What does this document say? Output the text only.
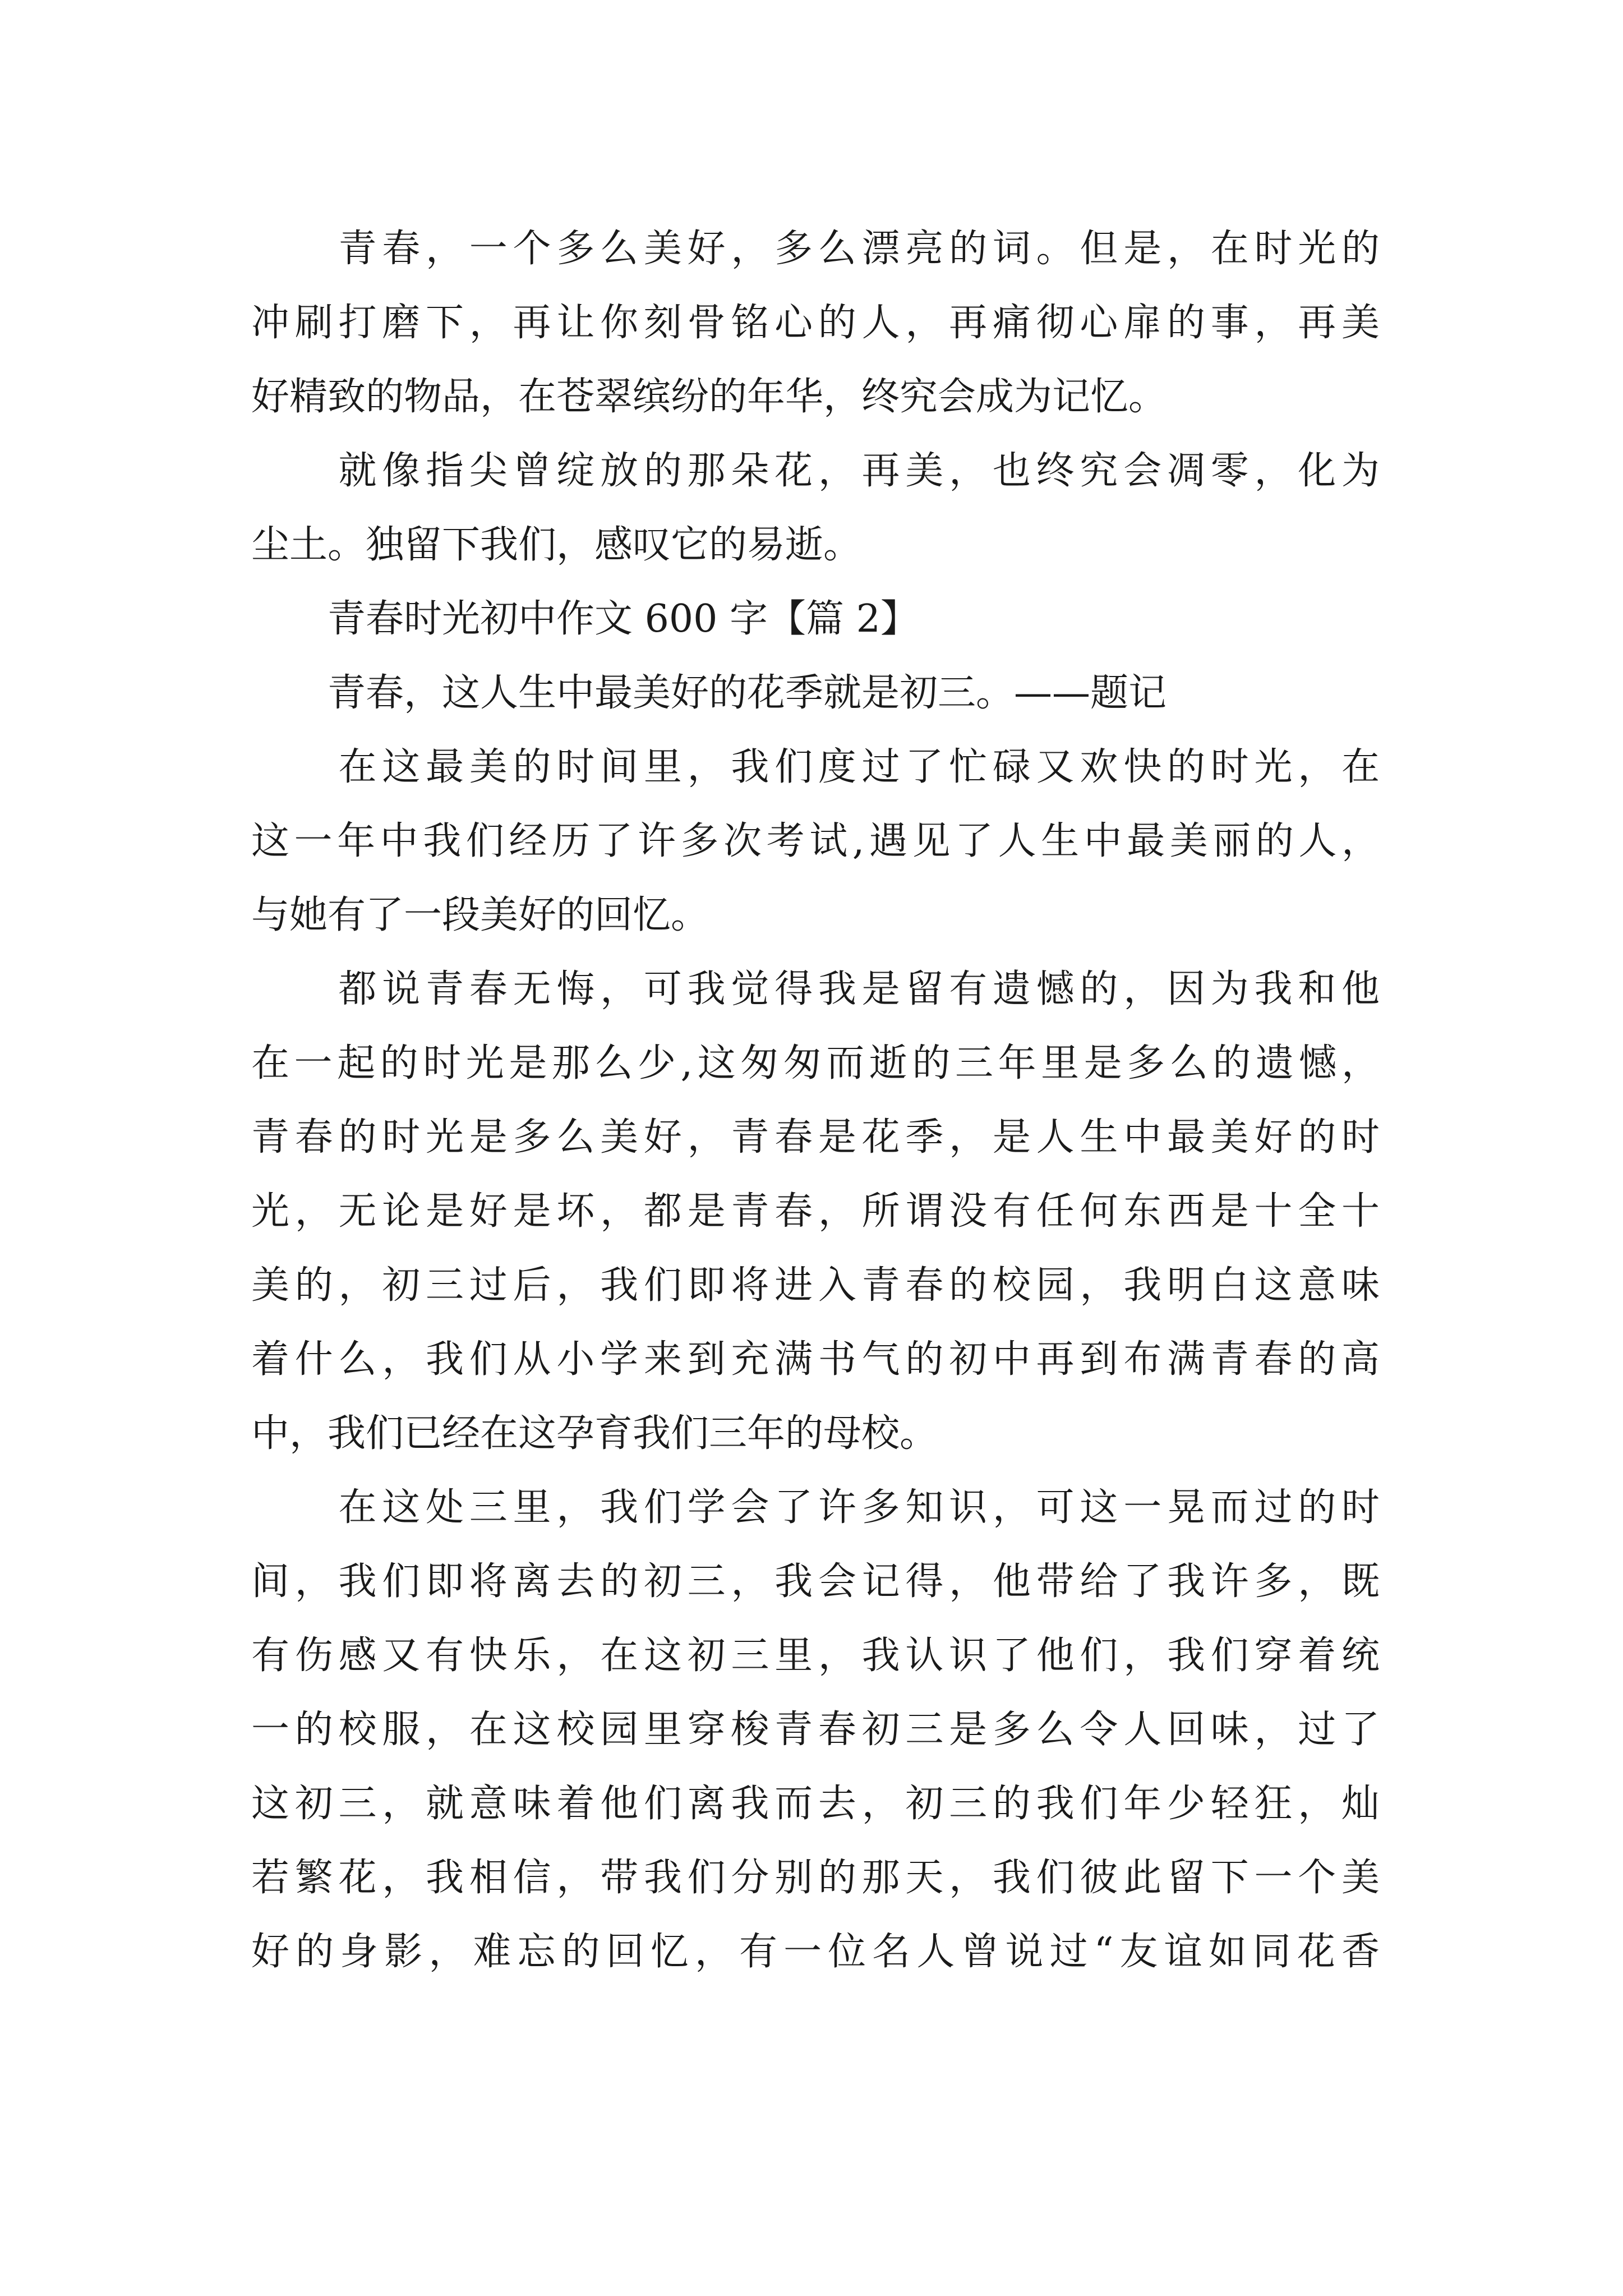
　　青春，一个多么美好，多么漂亮的词。但是，在时光的
冲刷打磨下，再让你刻骨铭心的人，再痛彻心扉的事，再美
好精致的物品，在苍翠缤纷的年华，终究会成为记忆。
　　就像指尖曾绽放的那朵花，再美，也终究会凋零，化为
尘土。独留下我们，感叹它的易逝。
　　青春时光初中作文 600 字【篇 2】
　　青春，这人生中最美好的花季就是初三。——题记
　　在这最美的时间里，我们度过了忙碌又欢快的时光，在
这一年中我们经历了许多次考试,遇见了人生中最美丽的人，
与她有了一段美好的回忆。
　　都说青春无悔，可我觉得我是留有遗憾的，因为我和他
在一起的时光是那么少,这匆匆而逝的三年里是多么的遗憾，
青春的时光是多么美好，青春是花季，是人生中最美好的时
光，无论是好是坏，都是青春，所谓没有任何东西是十全十
美的，初三过后，我们即将进入青春的校园，我明白这意味
着什么，我们从小学来到充满书气的初中再到布满青春的高
中，我们已经在这孕育我们三年的母校。
　　在这处三里，我们学会了许多知识，可这一晃而过的时
间，我们即将离去的初三，我会记得，他带给了我许多，既
有伤感又有快乐，在这初三里，我认识了他们，我们穿着统
一的校服，在这校园里穿梭青春初三是多么令人回味，过了
这初三，就意味着他们离我而去，初三的我们年少轻狂，灿
若繁花，我相信，带我们分别的那天，我们彼此留下一个美
好的身影，难忘的回忆，有一位名人曾说过“友谊如同花香
